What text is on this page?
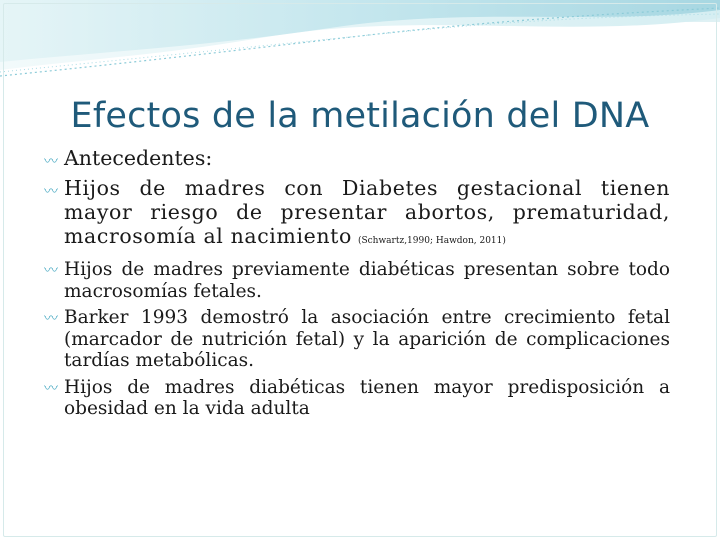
Efectos de la metilación del DNA
〰 Antecedentes:
〰 Hijos de madres con Diabetes gestacional tienen mayor riesgo de presentar abortos, prematuridad, macrosomía al nacimiento (Schwartz,1990; Hawdon, 2011)
〰 Hijos de madres previamente diabéticas presentan sobre todo macrosomías fetales.
〰 Barker 1993 demostró la asociación entre crecimiento fetal (marcador de nutrición fetal) y la aparición de complicaciones tardías metabólicas.
〰 Hijos de madres diabéticas tienen mayor predisposición a obesidad en la vida adulta
